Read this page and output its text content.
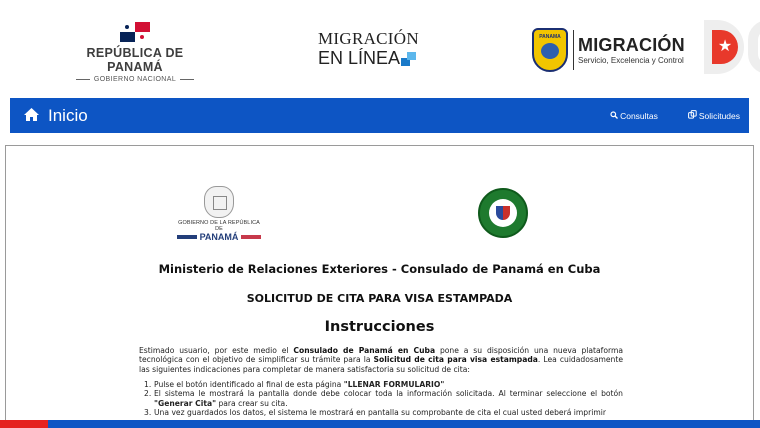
REPÚBLICA DE PANAMÁ
GOBIERNO NACIONAL
MIGRACIÓN
EN LÍNEA
PANAMA MIGRACIÓN
Servicio, Excelencia y Control
★
Inicio	Consultas	Solicitudes
GOBIERNO DE LA REPÚBLICA DE
PANAMÁ
Ministerio de Relaciones Exteriores - Consulado de Panamá en Cuba
SOLICITUD DE CITA PARA VISA ESTAMPADA
Instrucciones

Estimado usuario, por este medio el Consulado de Panamá en Cuba pone a su disposición una nueva plataforma tecnológica con el objetivo de simplificar su trámite para la Solicitud de cita para visa estampada. Lea cuidadosamente las siguientes indicaciones para completar de manera satisfactoria su solicitud de cita:

1. Pulse el botón identificado al final de esta página "LLENAR FORMULARIO"
2. El sistema le mostrará la pantalla donde debe colocar toda la información solicitada. Al terminar seleccione el botón "Generar Cita" para crear su cita.
3. Una vez guardados los datos, el sistema le mostrará en pantalla su comprobante de cita el cual usted deberá imprimir
